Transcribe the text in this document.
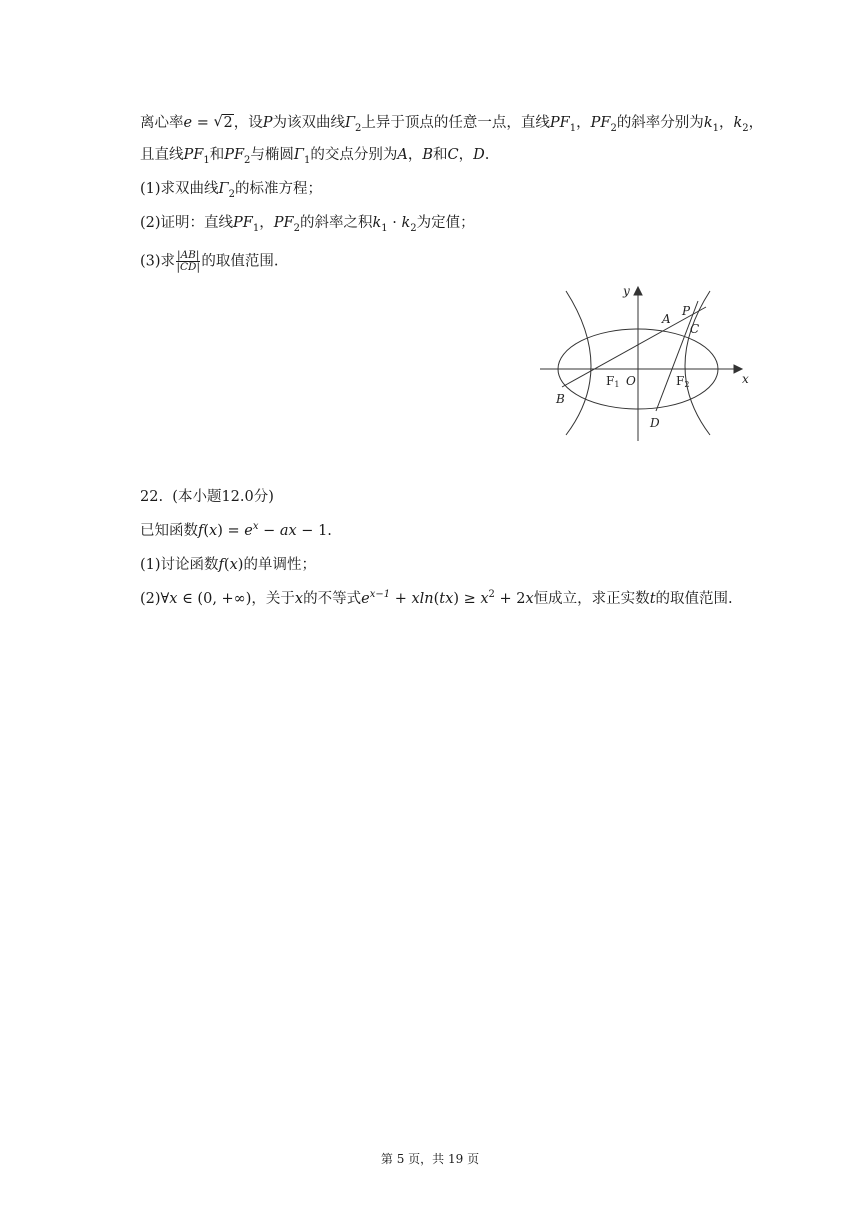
离心率e = √ 2，设P为该双曲线$\Gamma_2$上异于顶点的任意一点，直线$PF_1$，$PF_2$的斜率分别为$k_1$，$k_2$，
且直线$PF_1$和$PF_2$与椭圆$\Gamma_1$的交点分别为A，B和C，D.
(1)求双曲线$\Gamma_2$的标准方程；
(2)证明：直线$PF_1$，$PF_2$的斜率之积$k_1 \cdot k_2$为定值；
(3)求 $\frac{|AB|}{|CD|}$ 的取值范围.
x
y
O
A
P
C
B
D
F1	F2
22. (本小题12.0分)
已知函数$f(x) = e^x$ − ax − 1.
(1)讨论函数f(x)的单调性；
(2)∀x ∈ (0, +∞)，关于x的不等式$e^{x-1} + xln(tx) \ge x^2 + 2x$恒成立，求正实数t的取值范围.
第 5 页，共 19 页
